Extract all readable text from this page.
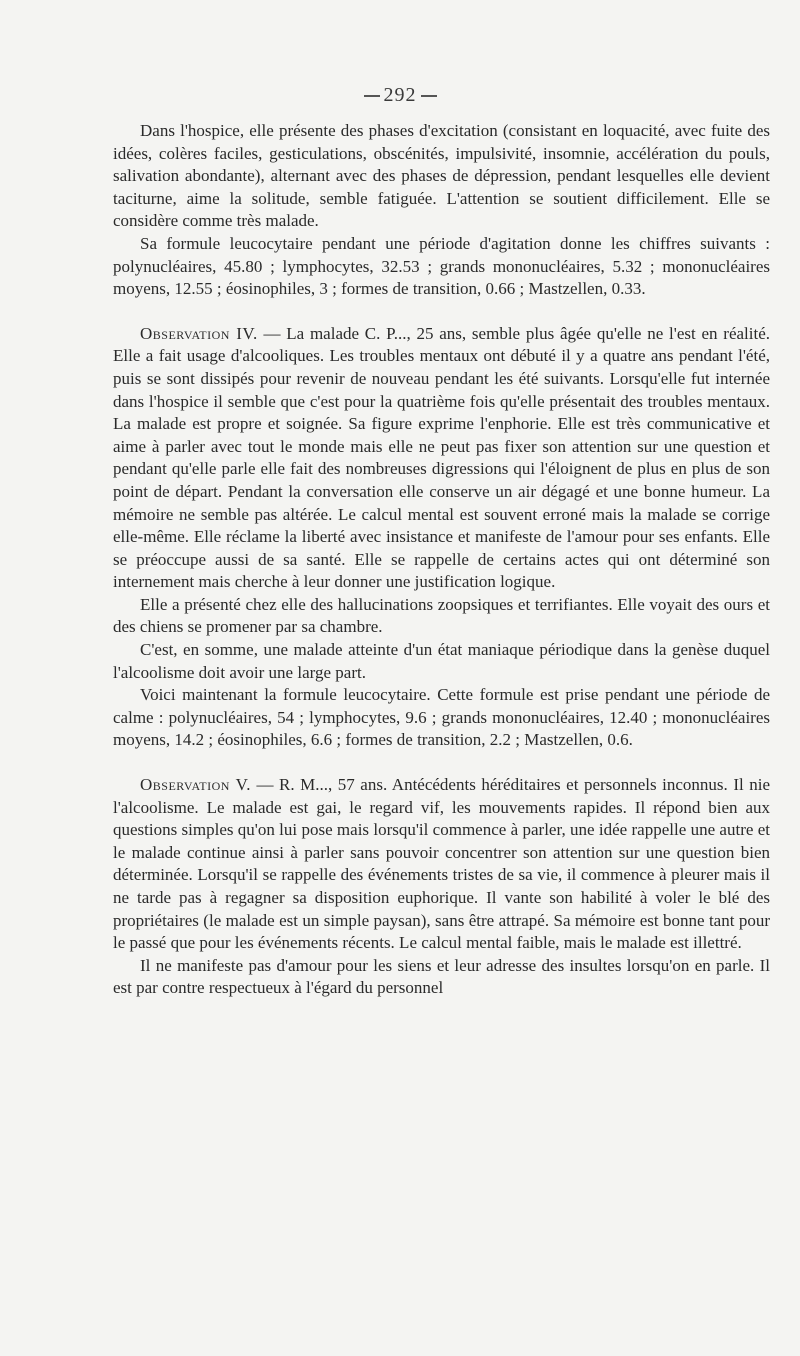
292

Dans l'hospice, elle présente des phases d'excitation (consistant en loquacité, avec fuite des idées, colères faciles, gesticulations, obscénités, impulsivité, insomnie, accélération du pouls, salivation abondante), alternant avec des phases de dépression, pendant lesquelles elle devient taciturne, aime la solitude, semble fatiguée. L'attention se soutient difficilement. Elle se considère comme très malade.

Sa formule leucocytaire pendant une période d'agitation donne les chiffres suivants : polynucléaires, 45.80 ; lymphocytes, 32.53 ; grands mononucléaires, 5.32 ; mononucléaires moyens, 12.55 ; éosinophiles, 3 ; formes de transition, 0.66 ; Mastzellen, 0.33.

Observation IV. — La malade C. P..., 25 ans, semble plus âgée qu'elle ne l'est en réalité. Elle a fait usage d'alcooliques. Les troubles mentaux ont débuté il y a quatre ans pendant l'été, puis se sont dissipés pour revenir de nouveau pendant les été suivants. Lorsqu'elle fut internée dans l'hospice il semble que c'est pour la quatrième fois qu'elle présentait des troubles mentaux. La malade est propre et soignée. Sa figure exprime l'enphorie. Elle est très communicative et aime à parler avec tout le monde mais elle ne peut pas fixer son attention sur une question et pendant qu'elle parle elle fait des nombreuses digressions qui l'éloignent de plus en plus de son point de départ. Pendant la conversation elle conserve un air dégagé et une bonne humeur. La mémoire ne semble pas altérée. Le calcul mental est souvent erroné mais la malade se corrige elle-même. Elle réclame la liberté avec insistance et manifeste de l'amour pour ses enfants. Elle se préoccupe aussi de sa santé. Elle se rappelle de certains actes qui ont déterminé son internement mais cherche à leur donner une justification logique.

Elle a présenté chez elle des hallucinations zoopsiques et terrifiantes. Elle voyait des ours et des chiens se promener par sa chambre.

C'est, en somme, une malade atteinte d'un état maniaque périodique dans la genèse duquel l'alcoolisme doit avoir une large part.

Voici maintenant la formule leucocytaire. Cette formule est prise pendant une période de calme : polynucléaires, 54 ; lymphocytes, 9.6 ; grands mononucléaires, 12.40 ; mononucléaires moyens, 14.2 ; éosinophiles, 6.6 ; formes de transition, 2.2 ; Mastzellen, 0.6.

Observation V. — R. M..., 57 ans. Antécédents héréditaires et personnels inconnus. Il nie l'alcoolisme. Le malade est gai, le regard vif, les mouvements rapides. Il répond bien aux questions simples qu'on lui pose mais lorsqu'il commence à parler, une idée rappelle une autre et le malade continue ainsi à parler sans pouvoir concentrer son attention sur une question bien déterminée. Lorsqu'il se rappelle des événements tristes de sa vie, il commence à pleurer mais il ne tarde pas à regagner sa disposition euphorique. Il vante son habilité à voler le blé des propriétaires (le malade est un simple paysan), sans être attrapé. Sa mémoire est bonne tant pour le passé que pour les événements récents. Le calcul mental faible, mais le malade est illettré.

Il ne manifeste pas d'amour pour les siens et leur adresse des insultes lorsqu'on en parle. Il est par contre respectueux à l'égard du personnel
